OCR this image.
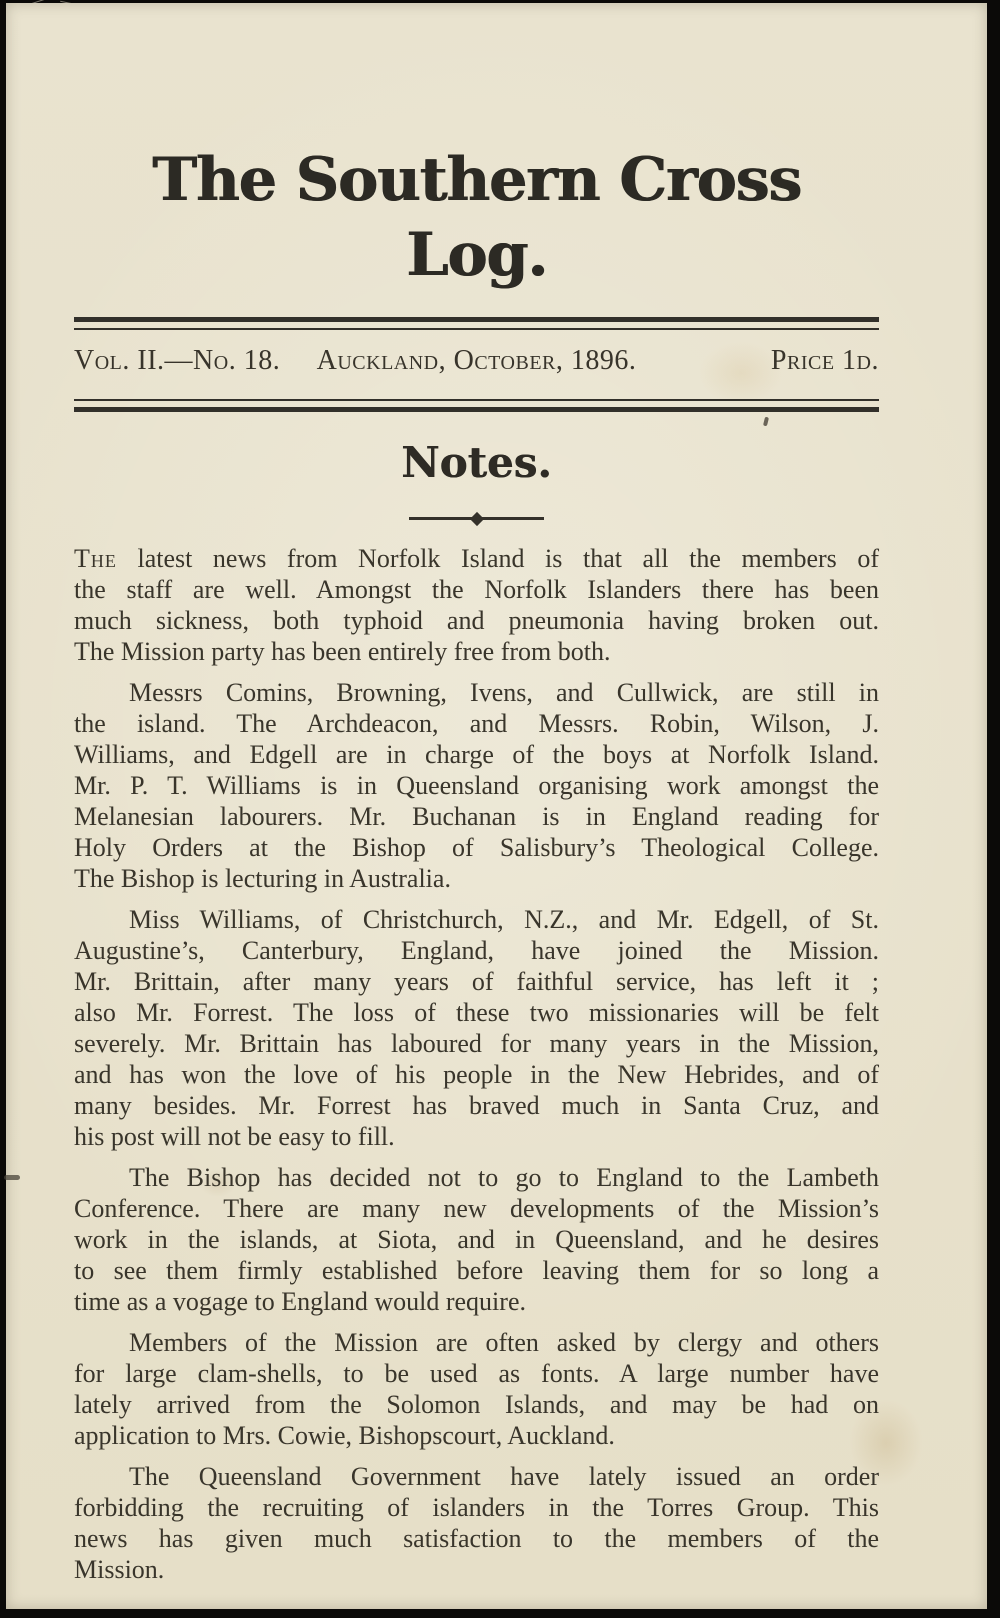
The Southern Cross Log.
Vol. II.—No. 18.	Auckland, October, 1896.	Price 1d.
Notes.
The latest news from Norfolk Island is that all the members of
the staff are well. Amongst the Norfolk Islanders there has been
much sickness, both typhoid and pneumonia having broken out.
The Mission party has been entirely free from both.
Messrs Comins, Browning, Ivens, and Cullwick, are still in
the island. The Archdeacon, and Messrs. Robin, Wilson, J.
Williams, and Edgell are in charge of the boys at Norfolk Island.
Mr. P. T. Williams is in Queensland organising work amongst the
Melanesian labourers. Mr. Buchanan is in England reading for
Holy Orders at the Bishop of Salisbury’s Theological College.
The Bishop is lecturing in Australia.
Miss Williams, of Christchurch, N.Z., and Mr. Edgell, of St.
Augustine’s, Canterbury, England, have joined the Mission.
Mr. Brittain, after many years of faithful service, has left it ;
also Mr. Forrest. The loss of these two missionaries will be felt
severely. Mr. Brittain has laboured for many years in the Mission,
and has won the love of his people in the New Hebrides, and of
many besides. Mr. Forrest has braved much in Santa Cruz, and
his post will not be easy to fill.
The Bishop has decided not to go to England to the Lambeth
Conference. There are many new developments of the Mission’s
work in the islands, at Siota, and in Queensland, and he desires
to see them firmly established before leaving them for so long a
time as a vogage to England would require.
Members of the Mission are often asked by clergy and others
for large clam-shells, to be used as fonts. A large number have
lately arrived from the Solomon Islands, and may be had on
application to Mrs. Cowie, Bishopscourt, Auckland.
The Queensland Government have lately issued an order
forbidding the recruiting of islanders in the Torres Group. This
news has given much satisfaction to the members of the
Mission.
